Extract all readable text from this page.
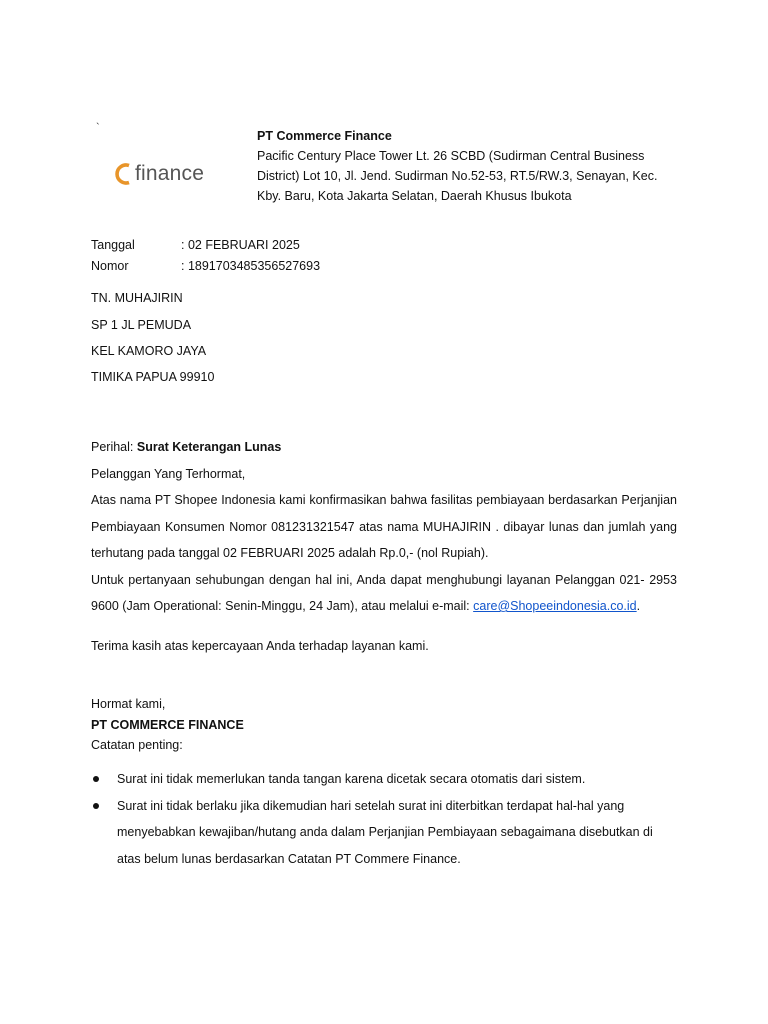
`
finance
PT Commerce Finance
Pacific Century Place Tower Lt. 26 SCBD (Sudirman Central Business
District) Lot 10, Jl. Jend. Sudirman No.52-53, RT.5/RW.3, Senayan, Kec.
Kby. Baru, Kota Jakarta Selatan, Daerah Khusus Ibukota
Tanggal	: 02 FEBRUARI 2025
Nomor	: 1891703485356527693
TN. MUHAJIRIN
SP 1 JL PEMUDA
KEL KAMORO JAYA
TIMIKA PAPUA 99910

Perihal: Surat Keterangan Lunas

Pelanggan Yang Terhormat,

Atas nama PT Shopee Indonesia kami konfirmasikan bahwa fasilitas pembiayaan berdasarkan Perjanjian Pembiayaan Konsumen Nomor 081231321547 atas nama MUHAJIRIN . dibayar lunas dan jumlah yang terhutang pada tanggal 02 FEBRUARI 2025 adalah Rp.0,- (nol Rupiah).

Untuk pertanyaan sehubungan dengan hal ini, Anda dapat menghubungi layanan Pelanggan 021- 2953 9600 (Jam Operational: Senin-Minggu, 24 Jam), atau melalui e-mail: care@Shopeeindonesia.co.id.

Terima kasih atas kepercayaan Anda terhadap layanan kami.
Hormat kami,
PT COMMERCE FINANCE
Catatan penting:
Surat ini tidak memerlukan tanda tangan karena dicetak secara otomatis dari sistem.
Surat ini tidak berlaku jika dikemudian hari setelah surat ini diterbitkan terdapat hal-hal yang menyebabkan kewajiban/hutang anda dalam Perjanjian Pembiayaan sebagaimana disebutkan di atas belum lunas berdasarkan Catatan PT Commere Finance.
